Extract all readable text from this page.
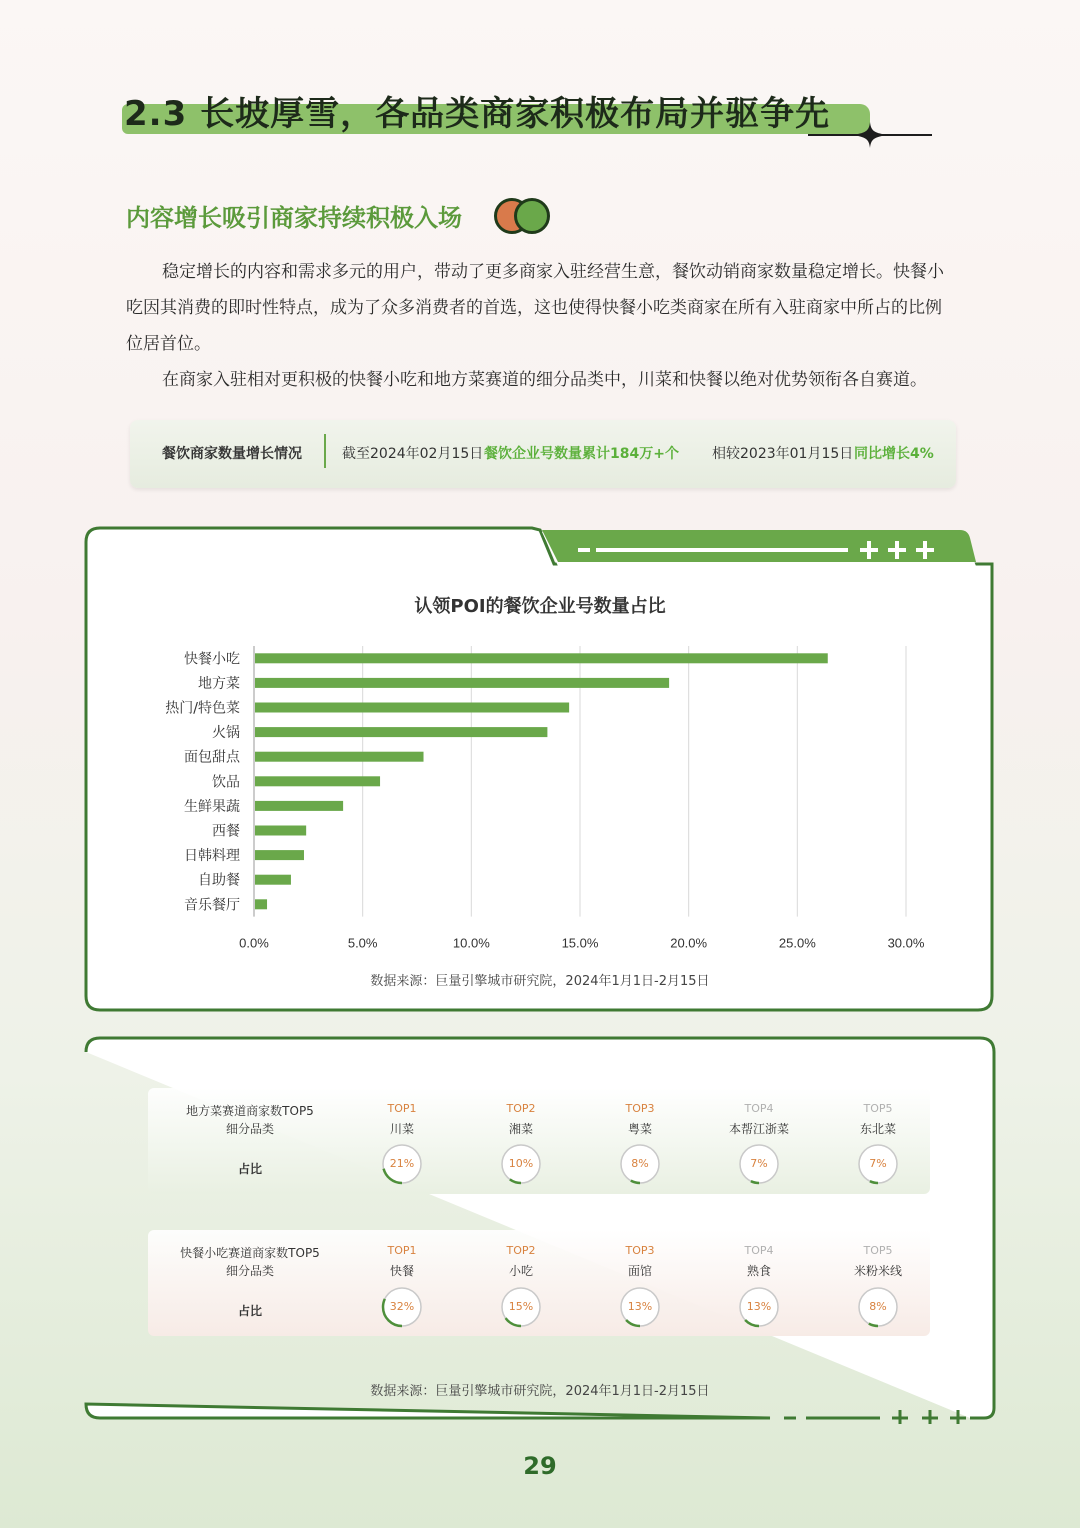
2.3 长坡厚雪，各品类商家积极布局并驱争先
内容增长吸引商家持续积极入场
稳定增长的内容和需求多元的用户，带动了更多商家入驻经营生意，餐饮动销商家数量稳定增长。快餐小吃因其消费的即时性特点，成为了众多消费者的首选，这也使得快餐小吃类商家在所有入驻商家中所占的比例位居首位。
在商家入驻相对更积极的快餐小吃和地方菜赛道的细分品类中，川菜和快餐以绝对优势领衔各自赛道。
餐饮商家数量增长情况	截至2024年02月15日 餐饮企业号数量累计184万+个 相较2023年01月15日 同比增长4%
认领POI的餐饮企业号数量占比
0.0%	5.0%	10.0%	15.0%	20.0%	25.0%	30.0%
快餐小吃
地方菜
热门/特色菜
火锅
面包甜点
饮品
生鲜果蔬
西餐
日韩料理
自助餐
音乐餐厅
数据来源：巨量引擎城市研究院，2024年1月1日-2月15日
地方菜赛道商家数TOP5
细分品类
占比
TOP1	TOP2	TOP3	TOP4	TOP5
川菜	湘菜	粤菜	本帮江浙菜	东北菜
21%	10%	8%	7%	7%
快餐小吃赛道商家数TOP5
细分品类
占比
TOP1	TOP2	TOP3	TOP4	TOP5
快餐	小吃	面馆	熟食	米粉米线
32%	15%	13%	13%	8%
数据来源：巨量引擎城市研究院，2024年1月1日-2月15日
29
